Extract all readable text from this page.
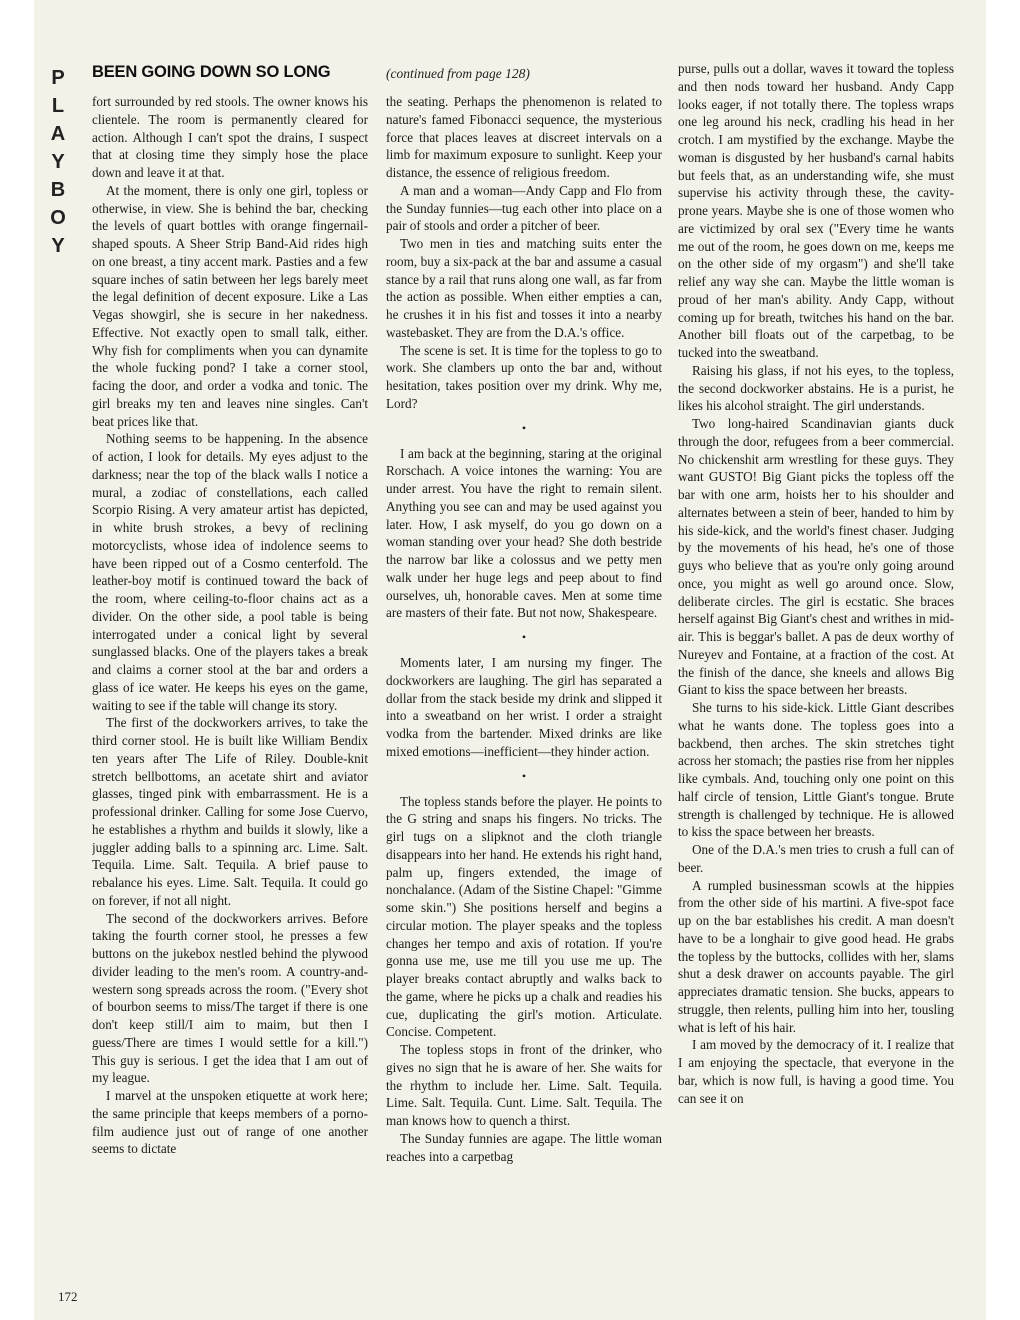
P
L
A
Y
B
O
Y
BEEN GOING DOWN SO LONG	(continued from page 128)

fort surrounded by red stools. The owner knows his clientele. The room is permanently cleared for action. Although I can't spot the drains, I suspect that at closing time they simply hose the place down and leave it at that.

At the moment, there is only one girl, topless or otherwise, in view. She is behind the bar, checking the levels of quart bottles with orange fingernail-shaped spouts. A Sheer Strip Band-Aid rides high on one breast, a tiny accent mark. Pasties and a few square inches of satin between her legs barely meet the legal definition of decent exposure. Like a Las Vegas showgirl, she is secure in her nakedness. Effective. Not exactly open to small talk, either. Why fish for compliments when you can dynamite the whole fucking pond? I take a corner stool, facing the door, and order a vodka and tonic. The girl breaks my ten and leaves nine singles. Can't beat prices like that.

Nothing seems to be happening. In the absence of action, I look for details. My eyes adjust to the darkness; near the top of the black walls I notice a mural, a zodiac of constellations, each called Scorpio Rising. A very amateur artist has depicted, in white brush strokes, a bevy of reclining motorcyclists, whose idea of indolence seems to have been ripped out of a Cosmo centerfold. The leather-boy motif is continued toward the back of the room, where ceiling-to-floor chains act as a divider. On the other side, a pool table is being interrogated under a conical light by several sunglassed blacks. One of the players takes a break and claims a corner stool at the bar and orders a glass of ice water. He keeps his eyes on the game, waiting to see if the table will change its story.

The first of the dockworkers arrives, to take the third corner stool. He is built like William Bendix ten years after The Life of Riley. Double-knit stretch bellbottoms, an acetate shirt and aviator glasses, tinged pink with embarrassment. He is a professional drinker. Calling for some Jose Cuervo, he establishes a rhythm and builds it slowly, like a juggler adding balls to a spinning arc. Lime. Salt. Tequila. Lime. Salt. Tequila. A brief pause to rebalance his eyes. Lime. Salt. Tequila. It could go on forever, if not all night.

The second of the dockworkers arrives. Before taking the fourth corner stool, he presses a few buttons on the jukebox nestled behind the plywood divider leading to the men's room. A country-and-western song spreads across the room. ("Every shot of bourbon seems to miss/The target if there is one don't keep still/I aim to maim, but then I guess/There are times I would settle for a kill.") This guy is serious. I get the idea that I am out of my league.

I marvel at the unspoken etiquette at work here; the same principle that keeps members of a porno-film audience just out of range of one another seems to dictate

the seating. Perhaps the phenomenon is related to nature's famed Fibonacci sequence, the mysterious force that places leaves at discreet intervals on a limb for maximum exposure to sunlight. Keep your distance, the essence of religious freedom.

A man and a woman—Andy Capp and Flo from the Sunday funnies—tug each other into place on a pair of stools and order a pitcher of beer.

Two men in ties and matching suits enter the room, buy a six-pack at the bar and assume a casual stance by a rail that runs along one wall, as far from the action as possible. When either empties a can, he crushes it in his fist and tosses it into a nearby wastebasket. They are from the D.A.'s office.

The scene is set. It is time for the topless to go to work. She clambers up onto the bar and, without hesitation, takes position over my drink. Why me, Lord?

•

I am back at the beginning, staring at the original Rorschach. A voice intones the warning: You are under arrest. You have the right to remain silent. Anything you see can and may be used against you later. How, I ask myself, do you go down on a woman standing over your head? She doth bestride the narrow bar like a colossus and we petty men walk under her huge legs and peep about to find ourselves, uh, honorable caves. Men at some time are masters of their fate. But not now, Shakespeare.

•

Moments later, I am nursing my finger. The dockworkers are laughing. The girl has separated a dollar from the stack beside my drink and slipped it into a sweatband on her wrist. I order a straight vodka from the bartender. Mixed drinks are like mixed emotions—inefficient—they hinder action.

•

The topless stands before the player. He points to the G string and snaps his fingers. No tricks. The girl tugs on a slipknot and the cloth triangle disappears into her hand. He extends his right hand, palm up, fingers extended, the image of nonchalance. (Adam of the Sistine Chapel: "Gimme some skin.") She positions herself and begins a circular motion. The player speaks and the topless changes her tempo and axis of rotation. If you're gonna use me, use me till you use me up. The player breaks contact abruptly and walks back to the game, where he picks up a chalk and readies his cue, duplicating the girl's motion. Articulate. Concise. Competent.

The topless stops in front of the drinker, who gives no sign that he is aware of her. She waits for the rhythm to include her. Lime. Salt. Tequila. Lime. Salt. Tequila. Cunt. Lime. Salt. Tequila. The man knows how to quench a thirst.

The Sunday funnies are agape. The little woman reaches into a carpetbag

purse, pulls out a dollar, waves it toward the topless and then nods toward her husband. Andy Capp looks eager, if not totally there. The topless wraps one leg around his neck, cradling his head in her crotch. I am mystified by the exchange. Maybe the woman is disgusted by her husband's carnal habits but feels that, as an understanding wife, she must supervise his activity through these, the cavity-prone years. Maybe she is one of those women who are victimized by oral sex ("Every time he wants me out of the room, he goes down on me, keeps me on the other side of my orgasm") and she'll take relief any way she can. Maybe the little woman is proud of her man's ability. Andy Capp, without coming up for breath, twitches his hand on the bar. Another bill floats out of the carpetbag, to be tucked into the sweatband.

Raising his glass, if not his eyes, to the topless, the second dockworker abstains. He is a purist, he likes his alcohol straight. The girl understands.

Two long-haired Scandinavian giants duck through the door, refugees from a beer commercial. No chickenshit arm wrestling for these guys. They want GUSTO! Big Giant picks the topless off the bar with one arm, hoists her to his shoulder and alternates between a stein of beer, handed to him by his side-kick, and the world's finest chaser. Judging by the movements of his head, he's one of those guys who believe that as you're only going around once, you might as well go around once. Slow, deliberate circles. The girl is ecstatic. She braces herself against Big Giant's chest and writhes in mid-air. This is beggar's ballet. A pas de deux worthy of Nureyev and Fontaine, at a fraction of the cost. At the finish of the dance, she kneels and allows Big Giant to kiss the space between her breasts.

She turns to his side-kick. Little Giant describes what he wants done. The topless goes into a backbend, then arches. The skin stretches tight across her stomach; the pasties rise from her nipples like cymbals. And, touching only one point on this half circle of tension, Little Giant's tongue. Brute strength is challenged by technique. He is allowed to kiss the space between her breasts.

One of the D.A.'s men tries to crush a full can of beer.

A rumpled businessman scowls at the hippies from the other side of his martini. A five-spot face up on the bar establishes his credit. A man doesn't have to be a longhair to give good head. He grabs the topless by the buttocks, collides with her, slams shut a desk drawer on accounts payable. The girl appreciates dramatic tension. She bucks, appears to struggle, then relents, pulling him into her, tousling what is left of his hair.

I am moved by the democracy of it. I realize that I am enjoying the spectacle, that everyone in the bar, which is now full, is having a good time. You can see it on

172
